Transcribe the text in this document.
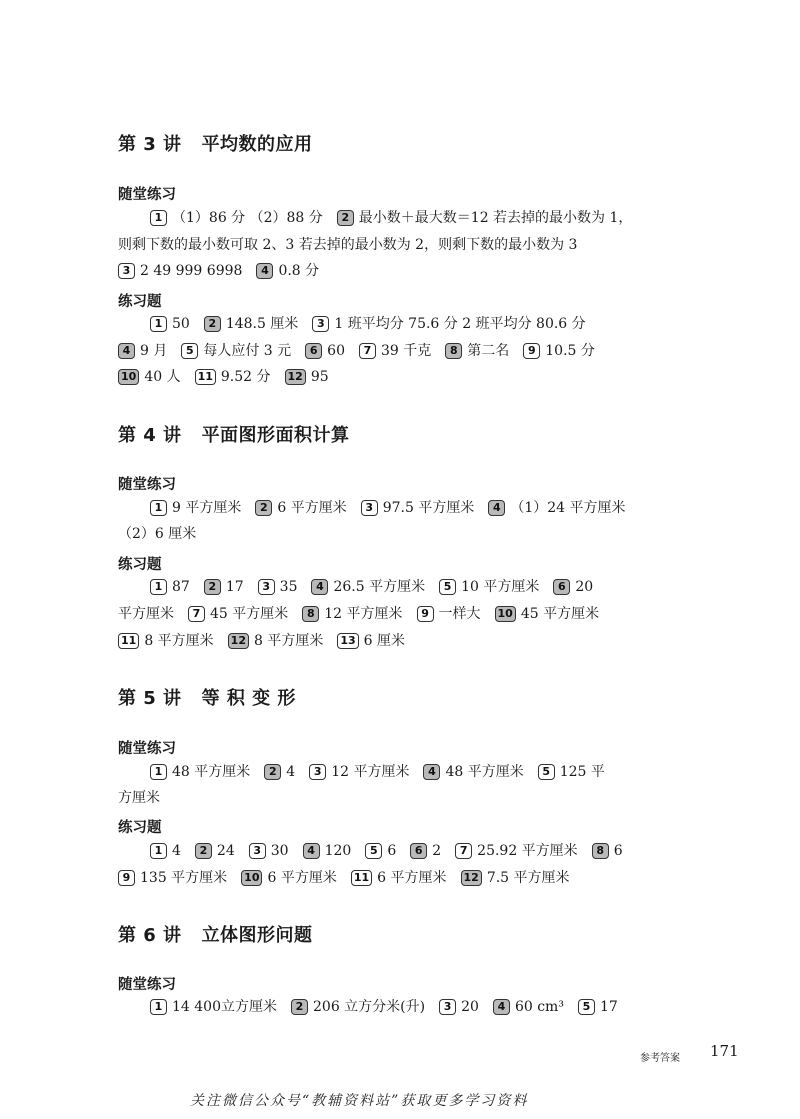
第 3 讲 平均数的应用
随堂练习
1 （1）86 分 （2）88 分 2 最小数＋最大数＝12 若去掉的最小数为 1，
则剩下数的最小数可取 2、3 若去掉的最小数为 2，则剩下数的最小数为 3
3 2 49 999 6998 4 0.8 分
练习题
1 50 2 148.5 厘米 3 1 班平均分 75.6 分 2 班平均分 80.6 分
4 9 月 5 每人应付 3 元 6 60 7 39 千克 8 第二名 9 10.5 分
10 40 人 11 9.52 分 12 95
第 4 讲 平面图形面积计算
随堂练习
1 9 平方厘米 2 6 平方厘米 3 97.5 平方厘米 4 （1）24 平方厘米
（2）6 厘米
练习题
1 87 2 17 3 35 4 26.5 平方厘米 5 10 平方厘米 6 20
平方厘米 7 45 平方厘米 8 12 平方厘米 9 一样大 10 45 平方厘米
11 8 平方厘米 12 8 平方厘米 13 6 厘米
第 5 讲 等 积 变 形
随堂练习
1 48 平方厘米 2 4 3 12 平方厘米 4 48 平方厘米 5 125 平
方厘米
练习题
1 4 2 24 3 30 4 120 5 6 6 2 7 25.92 平方厘米 8 6
9 135 平方厘米 10 6 平方厘米 11 6 平方厘米 12 7.5 平方厘米
第 6 讲 立体图形问题
随堂练习
1 14 400立方厘米 2 206 立方分米(升) 3 20 4 60 cm³ 5 17
参考答案 171
关注微信公众号“教辅资料站”获取更多学习资料
